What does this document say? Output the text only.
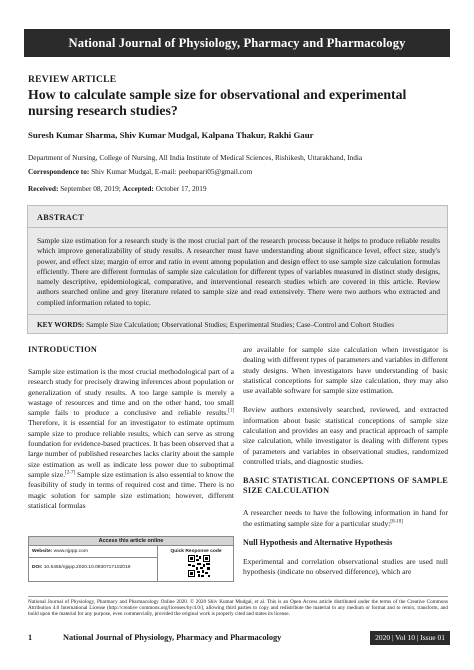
National Journal of Physiology, Pharmacy and Pharmacology
REVIEW ARTICLE
How to calculate sample size for observational and experimental nursing research studies?
Suresh Kumar Sharma, Shiv Kumar Mudgal, Kalpana Thakur, Rakhi Gaur
Department of Nursing, College of Nursing, All India Institute of Medical Sciences, Rishikesh, Uttarakhand, India
Correspondence to: Shiv Kumar Mudgal, E-mail: peehupari05@gmail.com
Received: September 08, 2019; Accepted: October 17, 2019
ABSTRACT
Sample size estimation for a research study is the most crucial part of the research process because it helps to produce reliable results which improve generalizability of study results. A researcher must have understanding about significance level, effect size, study's power, and effect size; margin of error and ratio in event among population and design effect to use sample size calculation formulas efficiently. There are different formulas of sample size calculation for different types of variables measured in distinct study designs, namely descriptive, epidemiological, comparative, and interventional research studies which are covered in this article. Review authors searched online and grey literature related to sample size and read extensively. There were two authors who extracted and complied information related to topic.
KEY WORDS: Sample Size Calculation; Observational Studies; Experimental Studies; Case–Control and Cohort Studies
INTRODUCTION
Sample size estimation is the most crucial methodological part of a research study for precisely drawing inferences about population or generalization of study results. A too large sample is merely a wastage of resources and time and on the other hand, too small sample fails to produce a conclusive and reliable results.[1] Therefore, it is essential for an investigator to estimate optimum sample size to produce reliable results, which can serve as strong foundation for evidence-based practices. It has been observed that a large number of published researches lacks clarity about the sample size estimation as well as indicate less power due to suboptimal sample size.[2-7] Sample size estimation is also essential to know the feasibility of study in terms of required cost and time. There is no magic solution for sample size estimation; however, different statistical formulas
Access this article online
Website: www.njppp.com
DOI: 10.5455/njppp.2020.10.0930717102019
Quick Response code
are available for sample size calculation when investigator is dealing with different types of parameters and variables in different study designs. When investigators have understanding of basic statistical conceptions for sample size calculation, they may also use available software for sample size estimation.
Review authors extensively searched, reviewed, and extracted information about basic statistical conceptions of sample size calculation and provides an easy and practical approach of sample size calculation, while investigator is dealing with different types of parameters and variables in observational studies, randomized controlled trials, and diagnostic studies.
BASIC STATISTICAL CONCEPTIONS OF SAMPLE SIZE CALCULATION
A researcher needs to have the following information in hand for the estimating sample size for a particular study:[8-10]
Null Hypothesis and Alternative Hypothesis
Experimental and correlation observational studies are used null hypothesis (indicate no observed difference), which are
National Journal of Physiology, Pharmacy and Pharmacology Online 2020. © 2020 Shiv Kumar Mudgal, et al. This is an Open Access article distributed under the terms of the Creative Commons Attribution 4.0 International License (http://creative commons.org/licenses/by/4.0/), allowing third parties to copy and redistribute the material in any medium or format and to remix, transform, and build upon the material for any purpose, even commercially, provided the original work is properly cited and states its license.
1	National Journal of Physiology, Pharmacy and Pharmacology	2020 | Vol 10 | Issue 01
